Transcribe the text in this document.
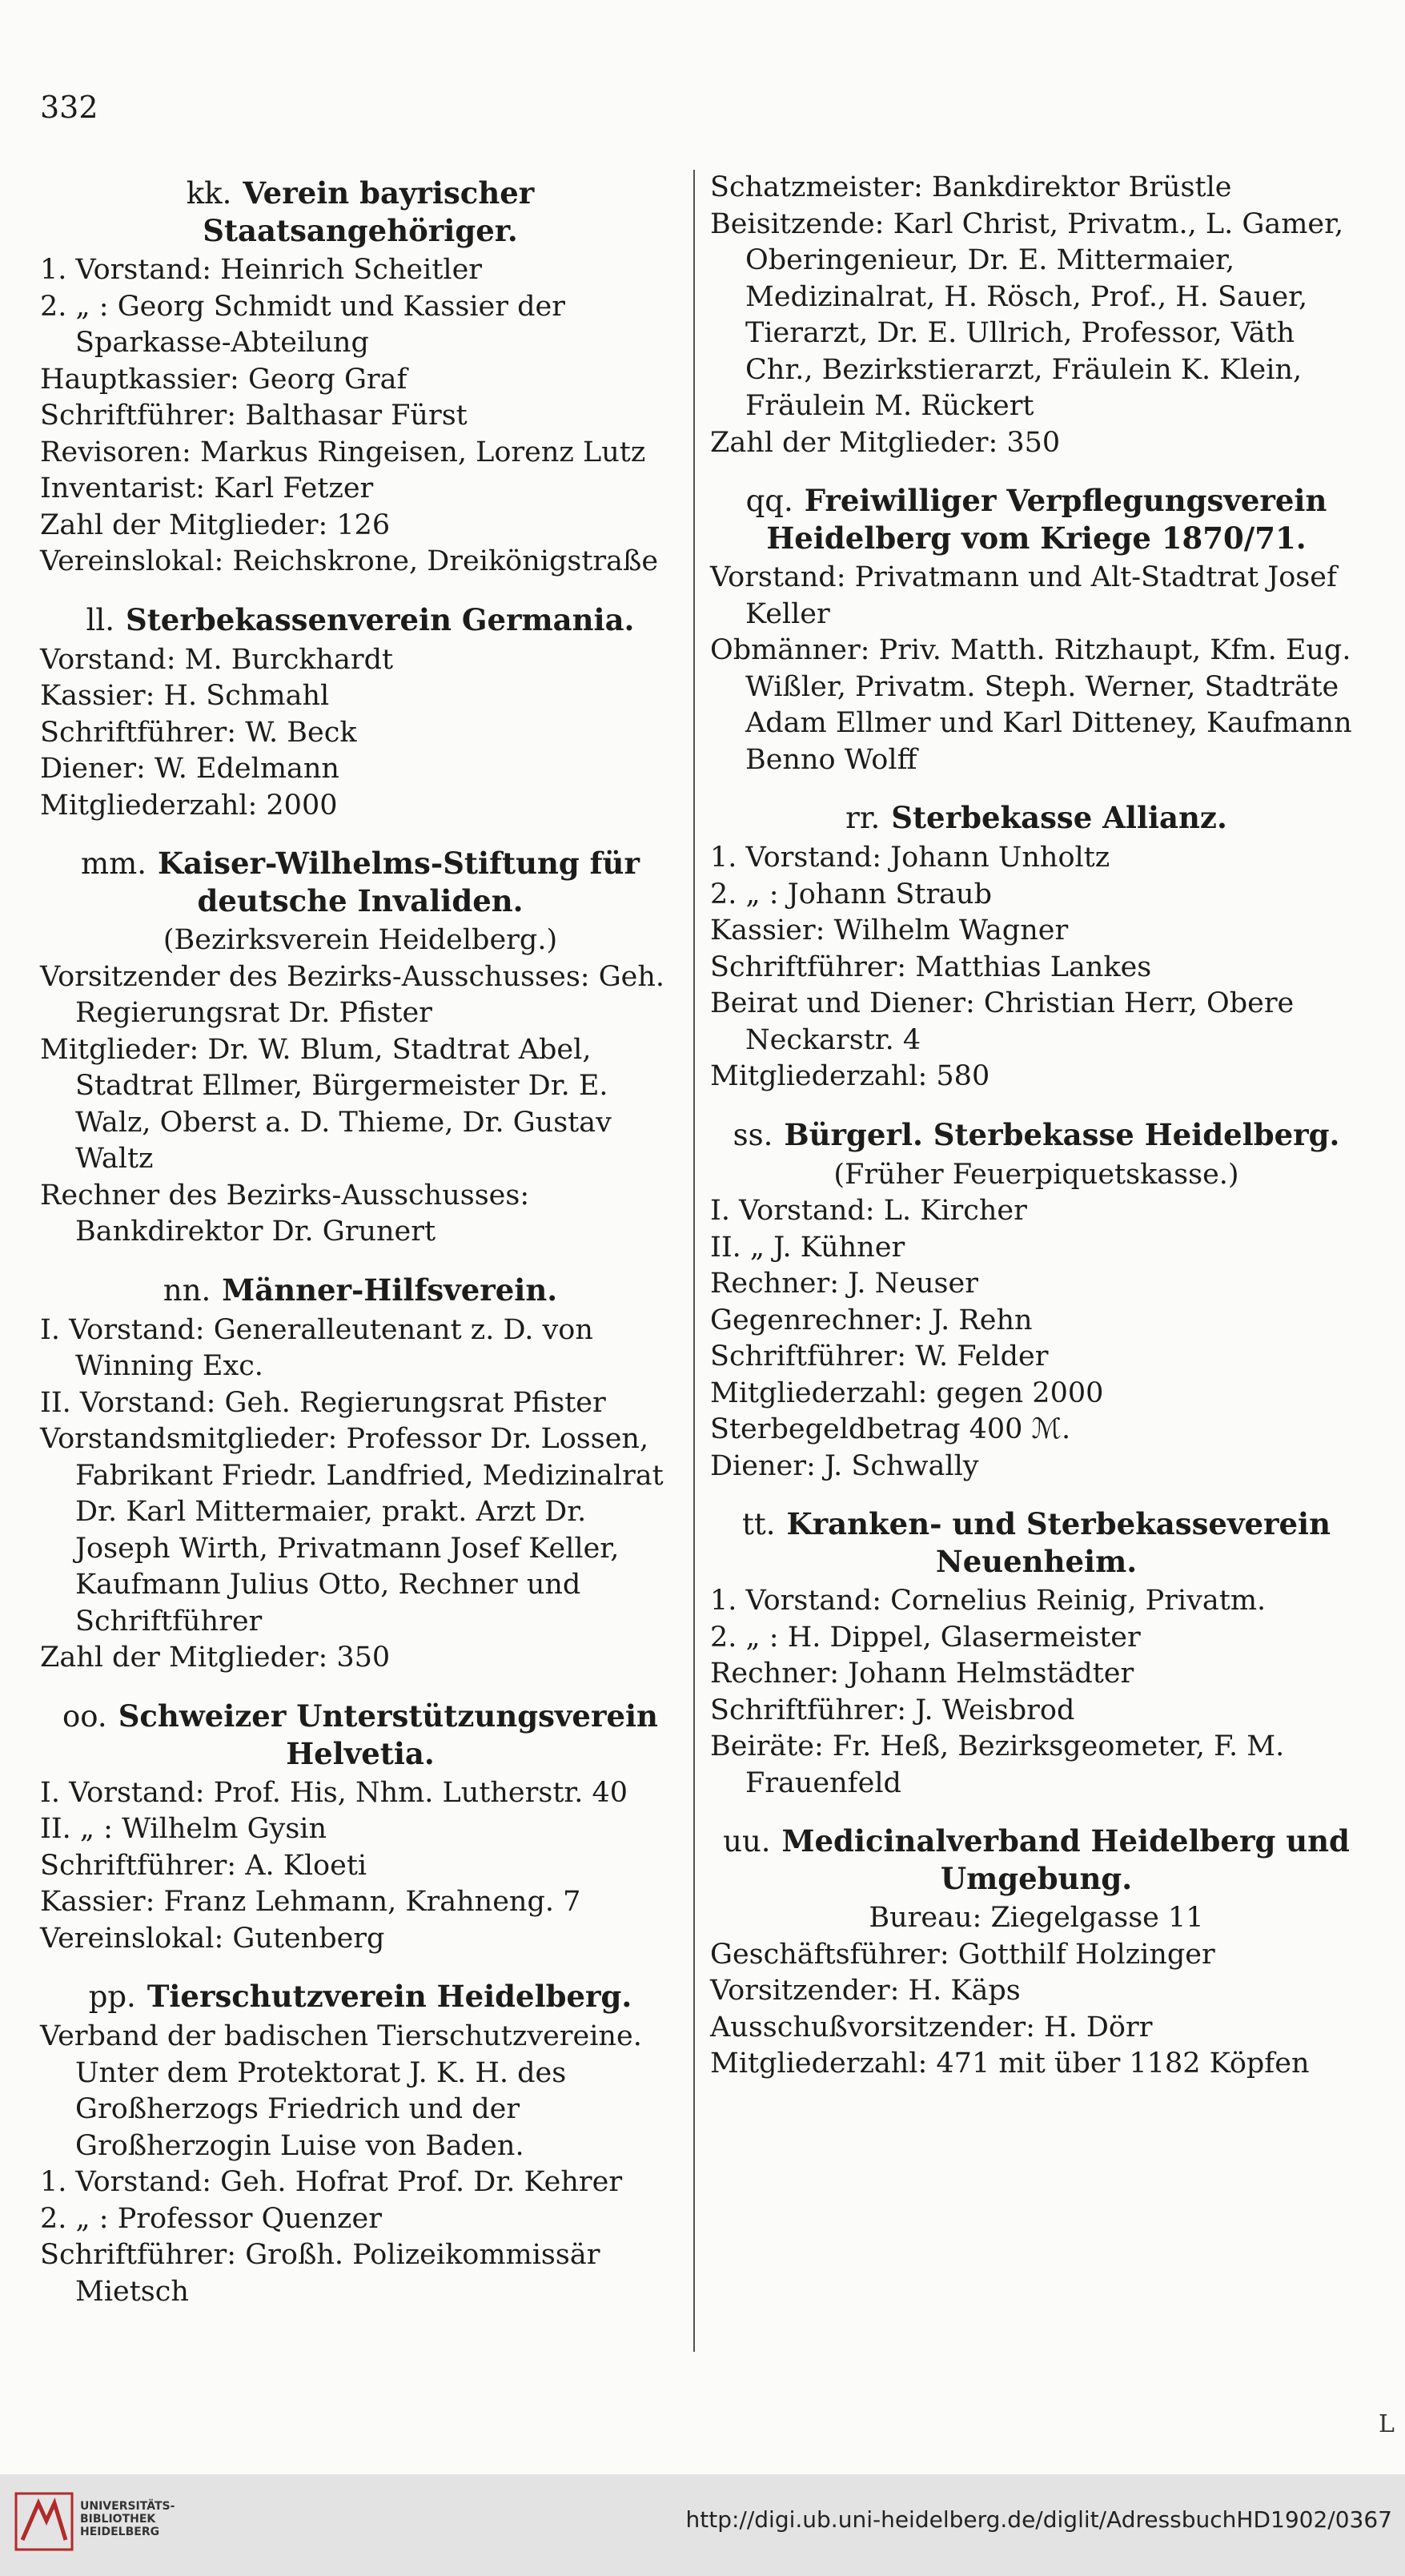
332
kk. Verein bayrischer Staatsangehöriger.
1. Vorstand: Heinrich Scheitler
2. „ : Georg Schmidt und Kassier der Sparkasse-Abteilung
Hauptkassier: Georg Graf
Schriftführer: Balthasar Fürst
Revisoren: Markus Ringeisen, Lorenz Lutz
Inventarist: Karl Fetzer
Zahl der Mitglieder: 126
Vereinslokal: Reichskrone, Dreikönigstraße
ll. Sterbekassenverein Germania.
Vorstand: M. Burckhardt
Kassier: H. Schmahl
Schriftführer: W. Beck
Diener: W. Edelmann
Mitgliederzahl: 2000
mm. Kaiser-Wilhelms-Stiftung für deutsche Invaliden.
(Bezirksverein Heidelberg.)
Vorsitzender des Bezirks-Ausschusses: Geh. Regierungsrat Dr. Pfister
Mitglieder: Dr. W. Blum, Stadtrat Abel, Stadtrat Ellmer, Bürgermeister Dr. E. Walz, Oberst a. D. Thieme, Dr. Gustav Waltz
Rechner des Bezirks-Ausschusses: Bankdirektor Dr. Grunert
nn. Männer-Hilfsverein.
I. Vorstand: Generalleutenant z. D. von Winning Exc.
II. Vorstand: Geh. Regierungsrat Pfister
Vorstandsmitglieder: Professor Dr. Lossen, Fabrikant Friedr. Landfried, Medizinalrat Dr. Karl Mittermaier, prakt. Arzt Dr. Joseph Wirth, Privatmann Josef Keller, Kaufmann Julius Otto, Rechner und Schriftführer
Zahl der Mitglieder: 350
oo. Schweizer Unterstützungsverein Helvetia.
I. Vorstand: Prof. His, Nhm. Lutherstr. 40
II. „ : Wilhelm Gysin
Schriftführer: A. Kloeti
Kassier: Franz Lehmann, Krahneng. 7
Vereinslokal: Gutenberg
pp. Tierschutzverein Heidelberg.
Verband der badischen Tierschutzvereine. Unter dem Protektorat J. K. H. des Großherzogs Friedrich und der Großherzogin Luise von Baden.
1. Vorstand: Geh. Hofrat Prof. Dr. Kehrer
2. „ : Professor Quenzer
Schriftführer: Großh. Polizeikommissär Mietsch
Schatzmeister: Bankdirektor Brüstle
Beisitzende: Karl Christ, Privatm., L. Gamer, Oberingenieur, Dr. E. Mittermaier, Medizinalrat, H. Rösch, Prof., H. Sauer, Tierarzt, Dr. E. Ullrich, Professor, Väth Chr., Bezirkstierarzt, Fräulein K. Klein, Fräulein M. Rückert
Zahl der Mitglieder: 350
qq. Freiwilliger Verpflegungsverein Heidelberg vom Kriege 1870/71.
Vorstand: Privatmann und Alt-Stadtrat Josef Keller
Obmänner: Priv. Matth. Ritzhaupt, Kfm. Eug. Wißler, Privatm. Steph. Werner, Stadträte Adam Ellmer und Karl Ditteney, Kaufmann Benno Wolff
rr. Sterbekasse Allianz.
1. Vorstand: Johann Unholtz
2. „ : Johann Straub
Kassier: Wilhelm Wagner
Schriftführer: Matthias Lankes
Beirat und Diener: Christian Herr, Obere Neckarstr. 4
Mitgliederzahl: 580
ss. Bürgerl. Sterbekasse Heidelberg.
(Früher Feuerpiquetskasse.)
I. Vorstand: L. Kircher
II. „ J. Kühner
Rechner: J. Neuser
Gegenrechner: J. Rehn
Schriftführer: W. Felder
Mitgliederzahl: gegen 2000
Sterbegeldbetrag 400 ℳ.
Diener: J. Schwally
tt. Kranken- und Sterbekasseverein Neuenheim.
1. Vorstand: Cornelius Reinig, Privatm.
2. „ : H. Dippel, Glasermeister
Rechner: Johann Helmstädter
Schriftführer: J. Weisbrod
Beiräte: Fr. Heß, Bezirksgeometer, F. M. Frauenfeld
uu. Medicinalverband Heidelberg und Umgebung.
Bureau: Ziegelgasse 11
Geschäftsführer: Gotthilf Holzinger
Vorsitzender: H. Käps
Ausschußvorsitzender: H. Dörr
Mitgliederzahl: 471 mit über 1182 Köpfen
L
UNIVERSITÄTS-BIBLIOTHEK HEIDELBERG	http://digi.ub.uni-heidelberg.de/diglit/AdressbuchHD1902/0367
